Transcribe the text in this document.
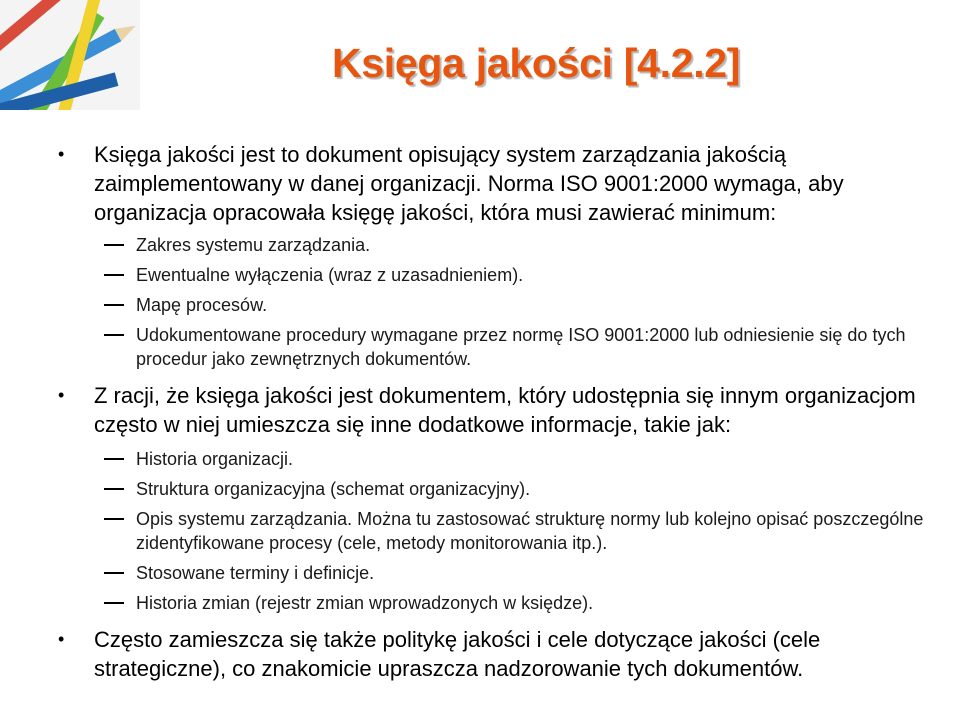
Księga jakości [4.2.2]
• Księga jakości jest to dokument opisujący system zarządzania jakością zaimplementowany w danej organizacji. Norma ISO 9001:2000 wymaga, aby organizacja opracowała księgę jakości, która musi zawierać minimum:
Zakres systemu zarządzania.
Ewentualne wyłączenia (wraz z uzasadnieniem).
Mapę procesów.
Udokumentowane procedury wymagane przez normę ISO 9001:2000 lub odniesienie się do tych procedur jako zewnętrznych dokumentów.
• Z racji, że księga jakości jest dokumentem, który udostępnia się innym organizacjom często w niej umieszcza się inne dodatkowe informacje, takie jak:
Historia organizacji.
Struktura organizacyjna (schemat organizacyjny).
Opis systemu zarządzania. Można tu zastosować strukturę normy lub kolejno opisać poszczególne zidentyfikowane procesy (cele, metody monitorowania itp.).
Stosowane terminy i definicje.
Historia zmian (rejestr zmian wprowadzonych w księdze).
• Często zamieszcza się także politykę jakości i cele dotyczące jakości (cele strategiczne), co znakomicie upraszcza nadzorowanie tych dokumentów.
